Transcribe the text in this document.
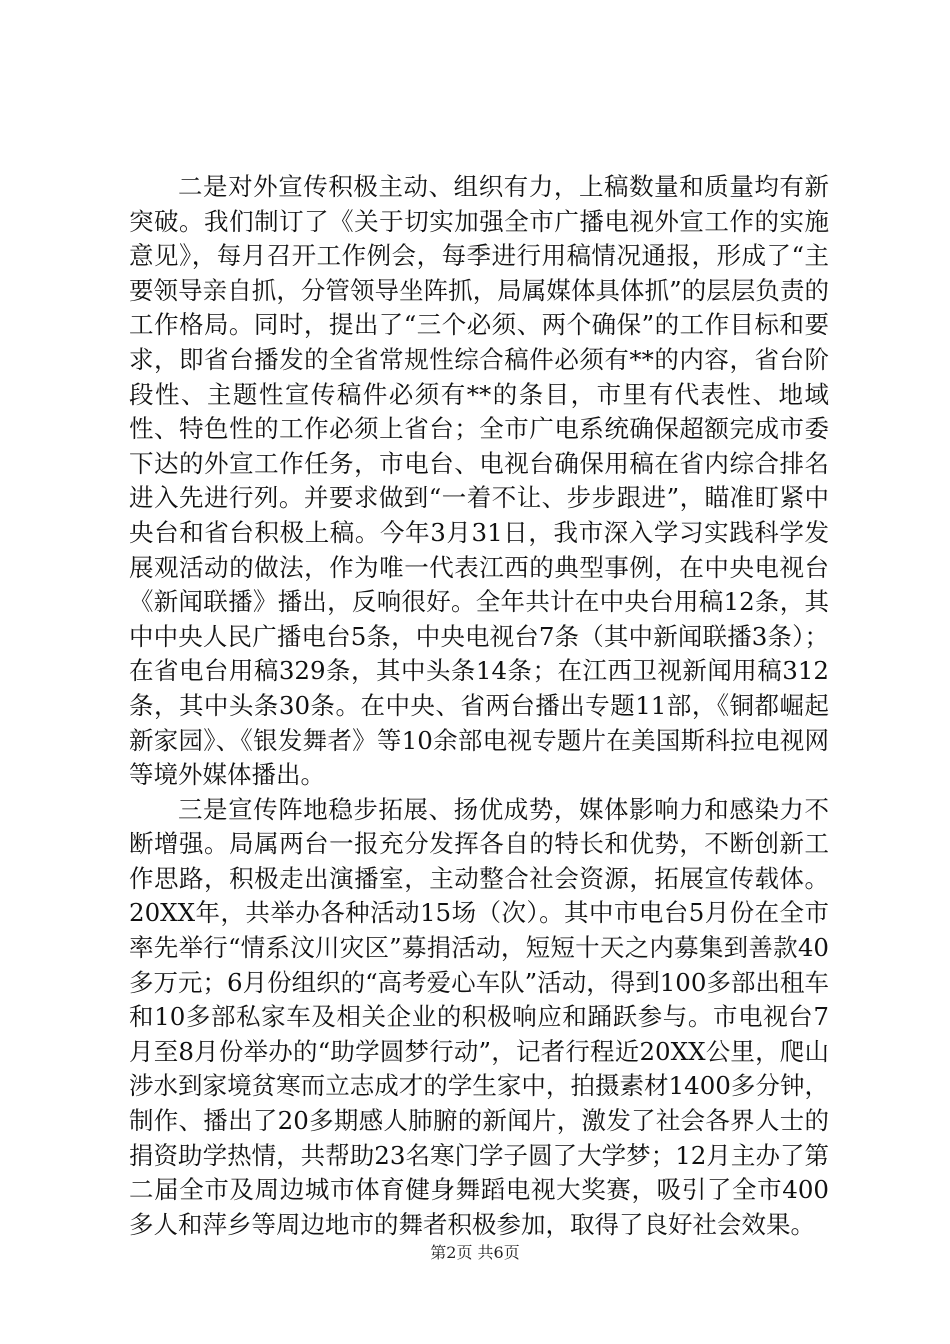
二是对外宣传积极主动、组织有力，上稿数量和质量均有新突破。我们制订了《关于切实加强全市广播电视外宣工作的实施意见》，每月召开工作例会，每季进行用稿情况通报，形成了“主要领导亲自抓，分管领导坐阵抓，局属媒体具体抓”的层层负责的工作格局。同时，提出了“三个必须、两个确保”的工作目标和要求，即省台播发的全省常规性综合稿件必须有**的内容，省台阶段性、主题性宣传稿件必须有**的条目，市里有代表性、地域性、特色性的工作必须上省台；全市广电系统确保超额完成市委下达的外宣工作任务，市电台、电视台确保用稿在省内综合排名进入先进行列。并要求做到“一着不让、步步跟进”，瞄准盯紧中央台和省台积极上稿。今年3月31日，我市深入学习实践科学发展观活动的做法，作为唯一代表江西的典型事例，在中央电视台《新闻联播》播出，反响很好。全年共计在中央台用稿12条，其中中央人民广播电台5条，中央电视台7条（其中新闻联播3条）；在省电台用稿329条，其中头条14条；在江西卫视新闻用稿312条，其中头条30条。在中央、省两台播出专题11部，《铜都崛起新家园》、《银发舞者》等10余部电视专题片在美国斯科拉电视网等境外媒体播出。

三是宣传阵地稳步拓展、扬优成势，媒体影响力和感染力不断增强。局属两台一报充分发挥各自的特长和优势，不断创新工作思路，积极走出演播室，主动整合社会资源，拓展宣传载体。20XX年，共举办各种活动15场（次）。其中市电台5月份在全市率先举行“情系汶川灾区”募捐活动，短短十天之内募集到善款40多万元；6月份组织的“高考爱心车队”活动，得到100多部出租车和10多部私家车及相关企业的积极响应和踊跃参与。市电视台7月至8月份举办的“助学圆梦行动”，记者行程近20XX公里，爬山涉水到家境贫寒而立志成才的学生家中，拍摄素材1400多分钟，制作、播出了20多期感人肺腑的新闻片，激发了社会各界人士的捐资助学热情，共帮助23名寒门学子圆了大学梦；12月主办了第二届全市及周边城市体育健身舞蹈电视大奖赛，吸引了全市400多人和萍乡等周边地市的舞者积极参加，取得了良好社会效果。

第2页 共6页
